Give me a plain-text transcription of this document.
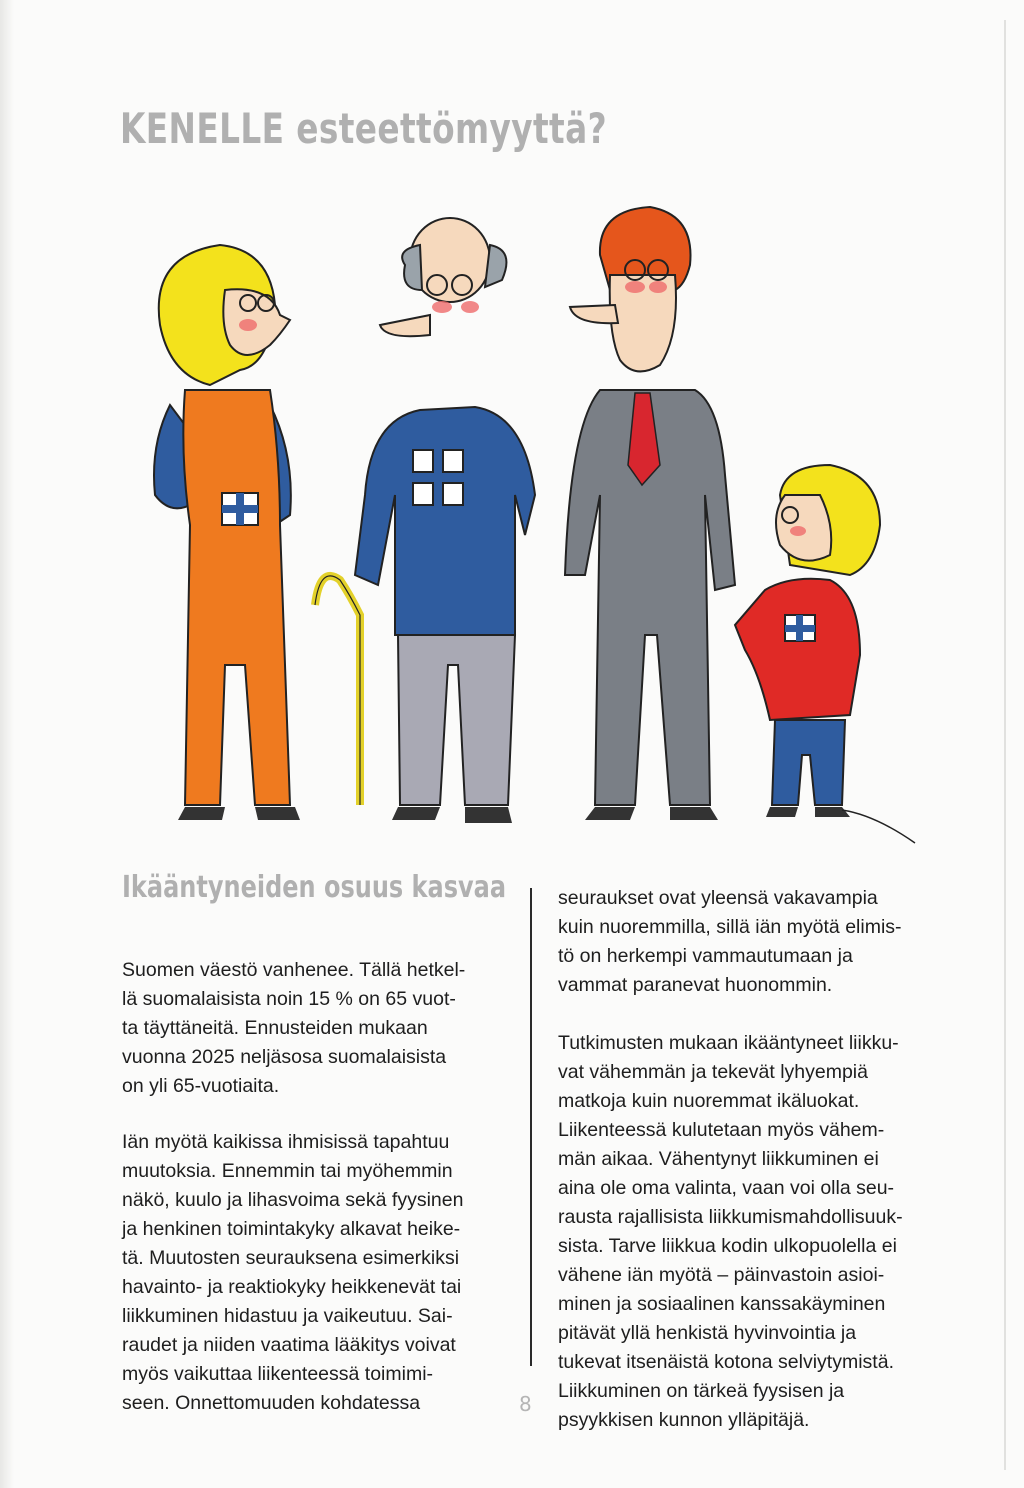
KENELLE esteettömyyttä?
Ikääntyneiden osuus kasvaa

Suomen väestö vanhenee. Tällä hetkel-
lä suomalaisista noin 15 % on 65 vuot-
ta täyttäneitä. Ennusteiden mukaan
vuonna 2025 neljäsosa suomalaisista
on yli 65-vuotiaita.

Iän myötä kaikissa ihmisissä tapahtuu
muutoksia. Ennemmin tai myöhemmin
näkö, kuulo ja lihasvoima sekä fyysinen
ja henkinen toimintakyky alkavat heike-
tä. Muutosten seurauksena esimerkiksi
havainto- ja reaktiokyky heikkenevät tai
liikkuminen hidastuu ja vaikeutuu. Sai-
raudet ja niiden vaatima lääkitys voivat
myös vaikuttaa liikenteessä toimimi-
seen. Onnettomuuden kohdatessa

seuraukset ovat yleensä vakavampia
kuin nuoremmilla, sillä iän myötä elimis-
tö on herkempi vammautumaan ja
vammat paranevat huonommin.

Tutkimusten mukaan ikääntyneet liikku-
vat vähemmän ja tekevät lyhyempiä
matkoja kuin nuoremmat ikäluokat.
Liikenteessä kulutetaan myös vähem-
män aikaa. Vähentynyt liikkuminen ei
aina ole oma valinta, vaan voi olla seu-
rausta rajallisista liikkumismahdollisuuk-
sista. Tarve liikkua kodin ulkopuolella ei
vähene iän myötä – päinvastoin asioi-
minen ja sosiaalinen kanssakäyminen
pitävät yllä henkistä hyvinvointia ja
tukevat itsenäistä kotona selviytymistä.
Liikkuminen on tärkeä fyysisen ja
psyykkisen kunnon ylläpitäjä.

8
